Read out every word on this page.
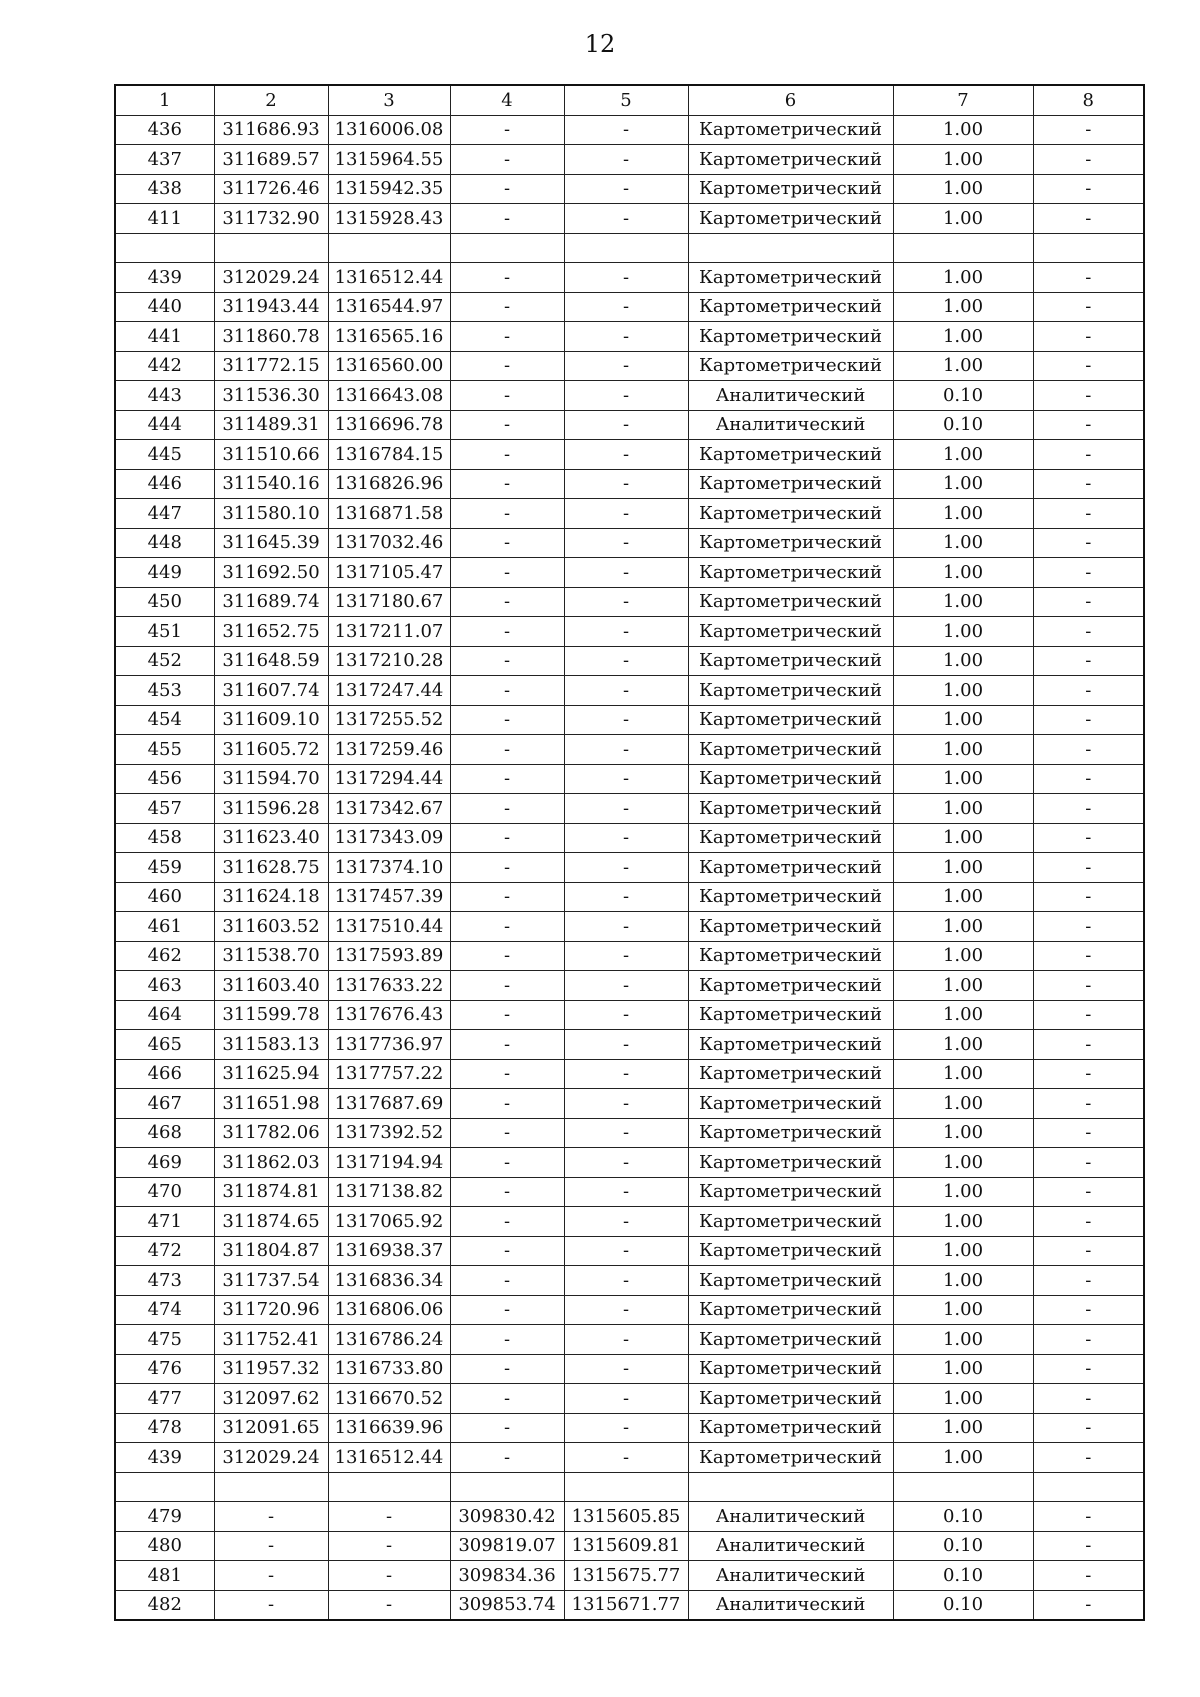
12
1	2	3	4	5	6	7	8
436	311686.93	1316006.08	-	-	Картометрический	1.00	-
437	311689.57	1315964.55	-	-	Картометрический	1.00	-
438	311726.46	1315942.35	-	-	Картометрический	1.00	-
411	311732.90	1315928.43	-	-	Картометрический	1.00	-

439	312029.24	1316512.44	-	-	Картометрический	1.00	-
440	311943.44	1316544.97	-	-	Картометрический	1.00	-
441	311860.78	1316565.16	-	-	Картометрический	1.00	-
442	311772.15	1316560.00	-	-	Картометрический	1.00	-
443	311536.30	1316643.08	-	-	Аналитический	0.10	-
444	311489.31	1316696.78	-	-	Аналитический	0.10	-
445	311510.66	1316784.15	-	-	Картометрический	1.00	-
446	311540.16	1316826.96	-	-	Картометрический	1.00	-
447	311580.10	1316871.58	-	-	Картометрический	1.00	-
448	311645.39	1317032.46	-	-	Картометрический	1.00	-
449	311692.50	1317105.47	-	-	Картометрический	1.00	-
450	311689.74	1317180.67	-	-	Картометрический	1.00	-
451	311652.75	1317211.07	-	-	Картометрический	1.00	-
452	311648.59	1317210.28	-	-	Картометрический	1.00	-
453	311607.74	1317247.44	-	-	Картометрический	1.00	-
454	311609.10	1317255.52	-	-	Картометрический	1.00	-
455	311605.72	1317259.46	-	-	Картометрический	1.00	-
456	311594.70	1317294.44	-	-	Картометрический	1.00	-
457	311596.28	1317342.67	-	-	Картометрический	1.00	-
458	311623.40	1317343.09	-	-	Картометрический	1.00	-
459	311628.75	1317374.10	-	-	Картометрический	1.00	-
460	311624.18	1317457.39	-	-	Картометрический	1.00	-
461	311603.52	1317510.44	-	-	Картометрический	1.00	-
462	311538.70	1317593.89	-	-	Картометрический	1.00	-
463	311603.40	1317633.22	-	-	Картометрический	1.00	-
464	311599.78	1317676.43	-	-	Картометрический	1.00	-
465	311583.13	1317736.97	-	-	Картометрический	1.00	-
466	311625.94	1317757.22	-	-	Картометрический	1.00	-
467	311651.98	1317687.69	-	-	Картометрический	1.00	-
468	311782.06	1317392.52	-	-	Картометрический	1.00	-
469	311862.03	1317194.94	-	-	Картометрический	1.00	-
470	311874.81	1317138.82	-	-	Картометрический	1.00	-
471	311874.65	1317065.92	-	-	Картометрический	1.00	-
472	311804.87	1316938.37	-	-	Картометрический	1.00	-
473	311737.54	1316836.34	-	-	Картометрический	1.00	-
474	311720.96	1316806.06	-	-	Картометрический	1.00	-
475	311752.41	1316786.24	-	-	Картометрический	1.00	-
476	311957.32	1316733.80	-	-	Картометрический	1.00	-
477	312097.62	1316670.52	-	-	Картометрический	1.00	-
478	312091.65	1316639.96	-	-	Картометрический	1.00	-
439	312029.24	1316512.44	-	-	Картометрический	1.00	-

479	-	-	309830.42	1315605.85	Аналитический	0.10	-
480	-	-	309819.07	1315609.81	Аналитический	0.10	-
481	-	-	309834.36	1315675.77	Аналитический	0.10	-
482	-	-	309853.74	1315671.77	Аналитический	0.10	-
